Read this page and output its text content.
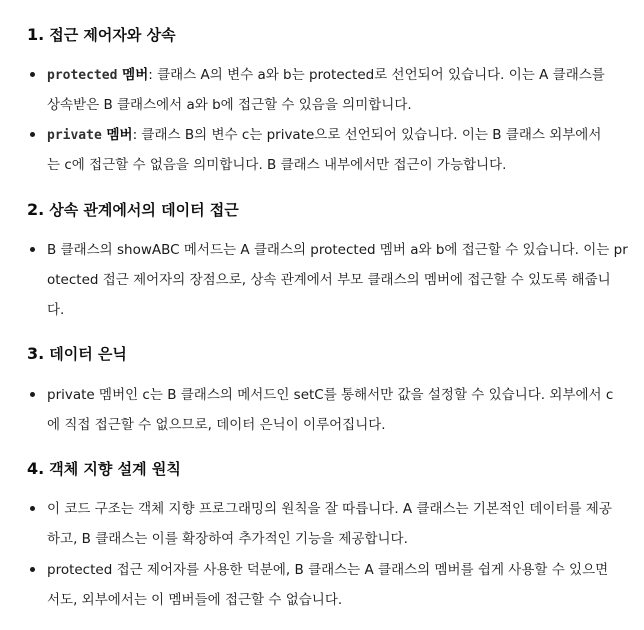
1. 접근 제어자와 상속
protected 멤버: 클래스 A의 변수 a와 b는 protected로 선언되어 있습니다. 이는 A 클래스를
상속받은 B 클래스에서 a와 b에 접근할 수 있음을 의미합니다.
private 멤버: 클래스 B의 변수 c는 private으로 선언되어 있습니다. 이는 B 클래스 외부에서
는 c에 접근할 수 없음을 의미합니다. B 클래스 내부에서만 접근이 가능합니다.
2. 상속 관계에서의 데이터 접근
B 클래스의 showABC 메서드는 A 클래스의 protected 멤버 a와 b에 접근할 수 있습니다. 이는 pr
otected 접근 제어자의 장점으로, 상속 관계에서 부모 클래스의 멤버에 접근할 수 있도록 해줍니
다.
3. 데이터 은닉
private 멤버인 c는 B 클래스의 메서드인 setC를 통해서만 값을 설정할 수 있습니다. 외부에서 c
에 직접 접근할 수 없으므로, 데이터 은닉이 이루어집니다.
4. 객체 지향 설계 원칙
이 코드 구조는 객체 지향 프로그래밍의 원칙을 잘 따릅니다. A 클래스는 기본적인 데이터를 제공
하고, B 클래스는 이를 확장하여 추가적인 기능을 제공합니다.
protected 접근 제어자를 사용한 덕분에, B 클래스는 A 클래스의 멤버를 쉽게 사용할 수 있으면
서도, 외부에서는 이 멤버들에 접근할 수 없습니다.
